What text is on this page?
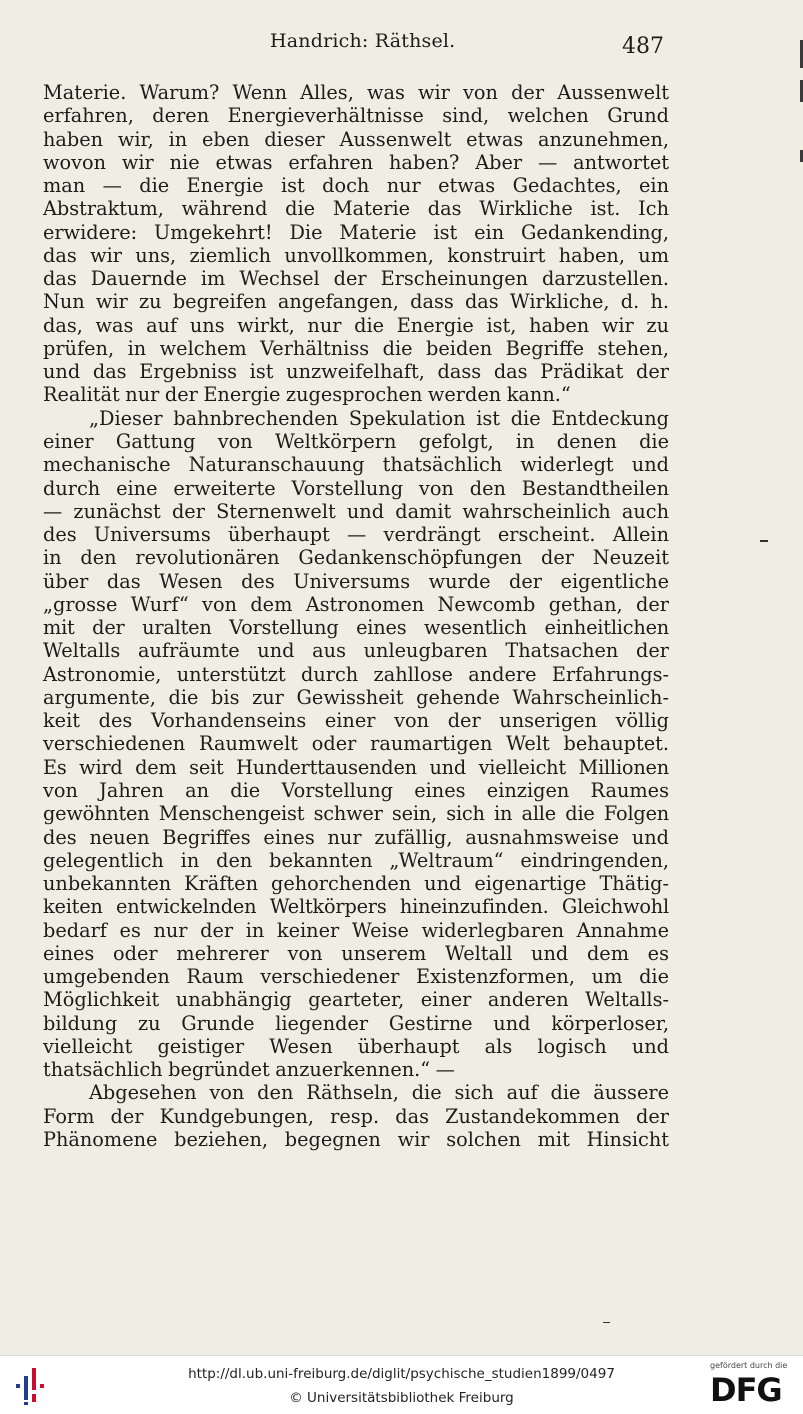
Handrich: Räthsel.	487
Materie. Warum? Wenn Alles, was wir von der Aussenwelt
erfahren, deren Energieverhältnisse sind, welchen Grund
haben wir, in eben dieser Aussenwelt etwas anzunehmen,
wovon wir nie etwas erfahren haben? Aber — antwortet
man — die Energie ist doch nur etwas Gedachtes, ein
Abstraktum, während die Materie das Wirkliche ist. Ich
erwidere: Umgekehrt! Die Materie ist ein Gedankending,
das wir uns, ziemlich unvollkommen, konstruirt haben, um
das Dauernde im Wechsel der Erscheinungen darzustellen.
Nun wir zu begreifen angefangen, dass das Wirkliche, d. h.
das, was auf uns wirkt, nur die Energie ist, haben wir zu
prüfen, in welchem Verhältniss die beiden Begriffe stehen,
und das Ergebniss ist unzweifelhaft, dass das Prädikat der
Realität nur der Energie zugesprochen werden kann.“
„Dieser bahnbrechenden Spekulation ist die Entdeckung
einer Gattung von Weltkörpern gefolgt, in denen die
mechanische Naturanschauung thatsächlich widerlegt und
durch eine erweiterte Vorstellung von den Bestandtheilen
— zunächst der Sternenwelt und damit wahrscheinlich auch
des Universums überhaupt — verdrängt erscheint. Allein
in den revolutionären Gedankenschöpfungen der Neuzeit
über das Wesen des Universums wurde der eigentliche
„grosse Wurf“ von dem Astronomen Newcomb gethan, der
mit der uralten Vorstellung eines wesentlich einheitlichen
Weltalls aufräumte und aus unleugbaren Thatsachen der
Astronomie, unterstützt durch zahllose andere Erfahrungs-
argumente, die bis zur Gewissheit gehende Wahrscheinlich-
keit des Vorhandenseins einer von der unserigen völlig
verschiedenen Raumwelt oder raumartigen Welt behauptet.
Es wird dem seit Hunderttausenden und vielleicht Millionen
von Jahren an die Vorstellung eines einzigen Raumes
gewöhnten Menschengeist schwer sein, sich in alle die Folgen
des neuen Begriffes eines nur zufällig, ausnahmsweise und
gelegentlich in den bekannten „Weltraum“ eindringenden,
unbekannten Kräften gehorchenden und eigenartige Thätig-
keiten entwickelnden Weltkörpers hineinzufinden. Gleichwohl
bedarf es nur der in keiner Weise widerlegbaren Annahme
eines oder mehrerer von unserem Weltall und dem es
umgebenden Raum verschiedener Existenzformen, um die
Möglichkeit unabhängig gearteter, einer anderen Weltalls-
bildung zu Grunde liegender Gestirne und körperloser,
vielleicht geistiger Wesen überhaupt als logisch und
thatsächlich begründet anzuerkennen.“ —
Abgesehen von den Räthseln, die sich auf die äussere
Form der Kundgebungen, resp. das Zustandekommen der
Phänomene beziehen, begegnen wir solchen mit Hinsicht
http://dl.ub.uni-freiburg.de/diglit/psychische_studien1899/0497
© Universitätsbibliothek Freiburg
gefördert durch die
DFG
